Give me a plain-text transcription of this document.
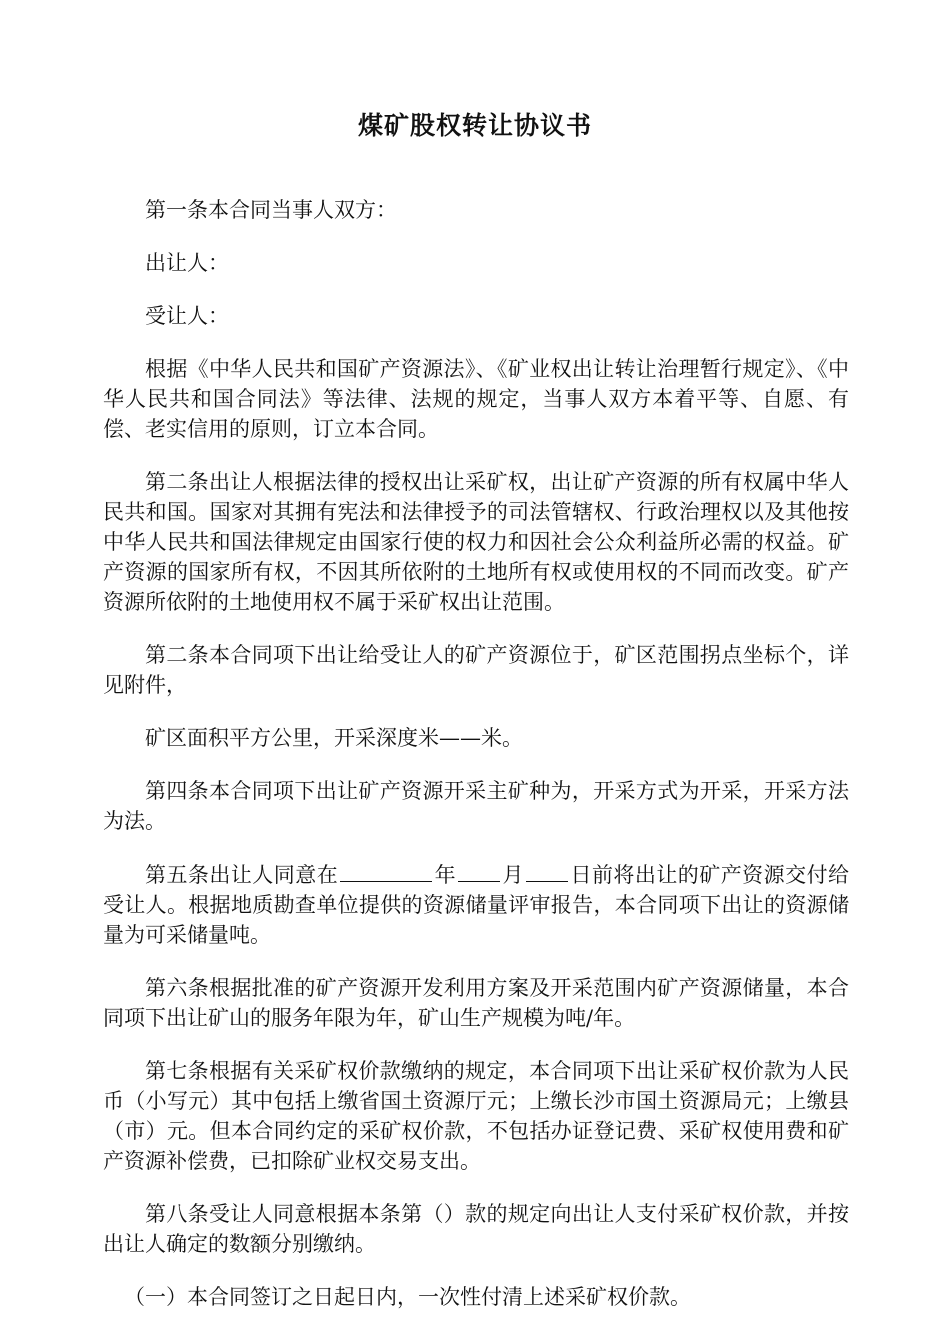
煤矿股权转让协议书

第一条本合同当事人双方：

出让人：

受让人：

根据《中华人民共和国矿产资源法》、《矿业权出让转让治理暂行规定》、《中华人民共和国合同法》等法律、法规的规定，当事人双方本着平等、自愿、有偿、老实信用的原则，订立本合同。

第二条出让人根据法律的授权出让采矿权，出让矿产资源的所有权属中华人民共和国。国家对其拥有宪法和法律授予的司法管辖权、行政治理权以及其他按中华人民共和国法律规定由国家行使的权力和因社会公众利益所必需的权益。矿产资源的国家所有权，不因其所依附的土地所有权或使用权的不同而改变。矿产资源所依附的土地使用权不属于采矿权出让范围。

第二条本合同项下出让给受让人的矿产资源位于，矿区范围拐点坐标个，详见附件，

矿区面积平方公里，开采深度米——米。

第四条本合同项下出让矿产资源开采主矿种为，开采方式为开采，开采方法为法。

第五条出让人同意在	年 月 日前将出让的矿产资源交付给受让人。根据地质勘查单位提供的资源储量评审报告，本合同项下出让的资源储量为可采储量吨。

第六条根据批准的矿产资源开发利用方案及开采范围内矿产资源储量，本合同项下出让矿山的服务年限为年，矿山生产规模为吨/年。

第七条根据有关采矿权价款缴纳的规定，本合同项下出让采矿权价款为人民币（小写元）其中包括上缴省国土资源厅元；上缴长沙市国土资源局元；上缴县（市）元。但本合同约定的采矿权价款，不包括办证登记费、采矿权使用费和矿产资源补偿费，已扣除矿业权交易支出。

第八条受让人同意根据本条第（）款的规定向出让人支付采矿权价款，并按出让人确定的数额分别缴纳。

（一）本合同签订之日起日内，一次性付清上述采矿权价款。
